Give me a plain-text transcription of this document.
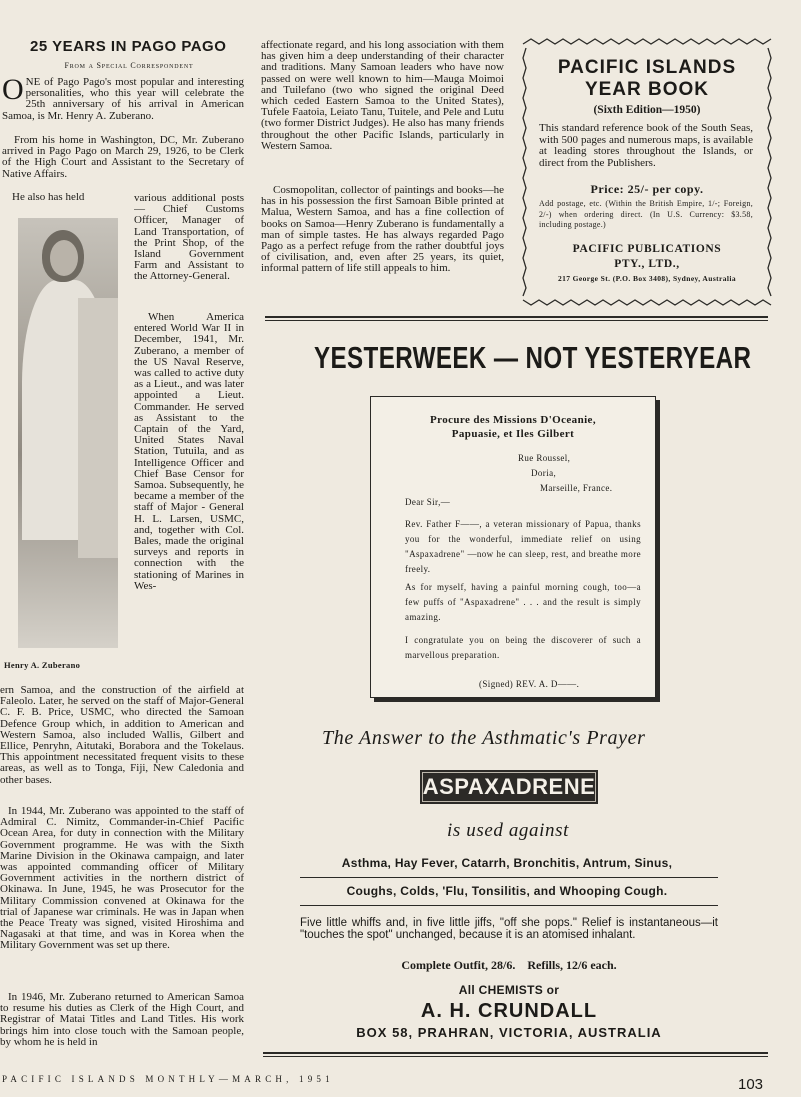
25 YEARS IN PAGO PAGO
From a Special Correspondent
ONE of Pago Pago's most popular and interesting personalities, who this year will celebrate the 25th anniversary of his arrival in American Samoa, is Mr. Henry A. Zuberano.
From his home in Washington, DC, Mr. Zuberano arrived in Pago Pago on March 29, 1926, to be Clerk of the High Court and Assistant to the Secretary of Native Affairs.
He also has held
Henry A. Zuberano
various additional posts — Chief Customs Officer, Manager of Land Transportation, of the Print Shop, of the Island Government Farm and Assistant to the Attorney-General.
When America entered World War II in December, 1941, Mr. Zuberano, a member of the US Naval Reserve, was called to active duty as a Lieut., and was later appointed a Lieut. Commander. He served as Assistant to the Captain of the Yard, United States Naval Station, Tutuila, and as Intelligence Officer and Chief Base Censor for Samoa. Subsequently, he became a member of the staff of Major - General H. L. Larsen, USMC, and, together with Col. Bales, made the original surveys and reports in connection with the stationing of Marines in Wes-
ern Samoa, and the construction of the airfield at Faleolo. Later, he served on the staff of Major-General C. F. B. Price, USMC, who directed the Samoan Defence Group which, in addition to American and Western Samoa, also included Wallis, Gilbert and Ellice, Penryhn, Aitutaki, Borabora and the Tokelaus. This appointment necessitated frequent visits to these areas, as well as to Tonga, Fiji, New Caledonia and other bases.
In 1944, Mr. Zuberano was appointed to the staff of Admiral C. Nimitz, Commander-in-Chief Pacific Ocean Area, for duty in connection with the Military Government programme. He was with the Sixth Marine Division in the Okinawa campaign, and later was appointed commanding officer of Military Government activities in the northern district of Okinawa. In June, 1945, he was Prosecutor for the Military Commission convened at Okinawa for the trial of Japanese war criminals. He was in Japan when the Peace Treaty was signed, visited Hiroshima and Nagasaki at that time, and was in Korea when the Military Government was set up there.
In 1946, Mr. Zuberano returned to American Samoa to resume his duties as Clerk of the High Court, and Registrar of Matai Titles and Land Titles. His work brings him into close touch with the Samoan people, by whom he is held in
affectionate regard, and his long association with them has given him a deep understanding of their character and traditions. Many Samoan leaders who have now passed on were well known to him—Mauga Moimoi and Tuilefano (two who signed the original Deed which ceded Eastern Samoa to the United States), Tufele Faatoia, Leiato Tanu, Tuitele, and Pele and Lutu (two former District Judges). He also has many friends throughout the other Pacific Islands, particularly in Western Samoa.
Cosmopolitan, collector of paintings and books—he has in his possession the first Samoan Bible printed at Malua, Western Samoa, and has a fine collection of books on Samoa—Henry Zuberano is fundamentally a man of simple tastes. He has always regarded Pago Pago as a perfect refuge from the rather doubtful joys of civilisation, and, even after 25 years, its quiet, informal pattern of life still appeals to him.
PACIFIC ISLANDS
YEAR BOOK
(Sixth Edition—1950)
This standard reference book of the South Seas, with 500 pages and numerous maps, is available at leading stores throughout the Islands, or direct from the Publishers.
Price: 25/- per copy.
Add postage, etc. (Within the British Empire, 1/-; Foreign, 2/-) when ordering direct. (In U.S. Currency: $3.58, including postage.)
PACIFIC PUBLICATIONS
PTY., LTD.,
217 George St. (P.O. Box 3408), Sydney, Australia
YESTERWEEK — NOT YESTERYEAR
Procure des Missions D'Oceanie,
Papuasie, et Iles Gilbert
Rue Roussel,
Doria,
Marseille, France.
Dear Sir,—
Rev. Father F——, a veteran missionary of Papua, thanks you for the wonderful, immediate relief on using "Aspaxadrene" —now he can sleep, rest, and breathe more freely.
As for myself, having a painful morning cough, too—a few puffs of "Aspaxadrene" . . . and the result is simply amazing.
I congratulate you on being the discoverer of such a marvellous preparation.
(Signed) REV. A. D——.
The Answer to the Asthmatic's Prayer
ASPAXADRENE
is used against
Asthma, Hay Fever, Catarrh, Bronchitis, Antrum, Sinus,
Coughs, Colds, 'Flu, Tonsilitis, and Whooping Cough.
Five little whiffs and, in five little jiffs, "off she pops." Relief is instantaneous—it "touches the spot" unchanged, because it is an atomised inhalant.
Complete Outfit, 28/6.    Refills, 12/6 each.
All CHEMISTS or
A. H. CRUNDALL
BOX 58, PRAHRAN, VICTORIA, AUSTRALIA
PACIFIC ISLANDS MONTHLY—MARCH, 1951	103
